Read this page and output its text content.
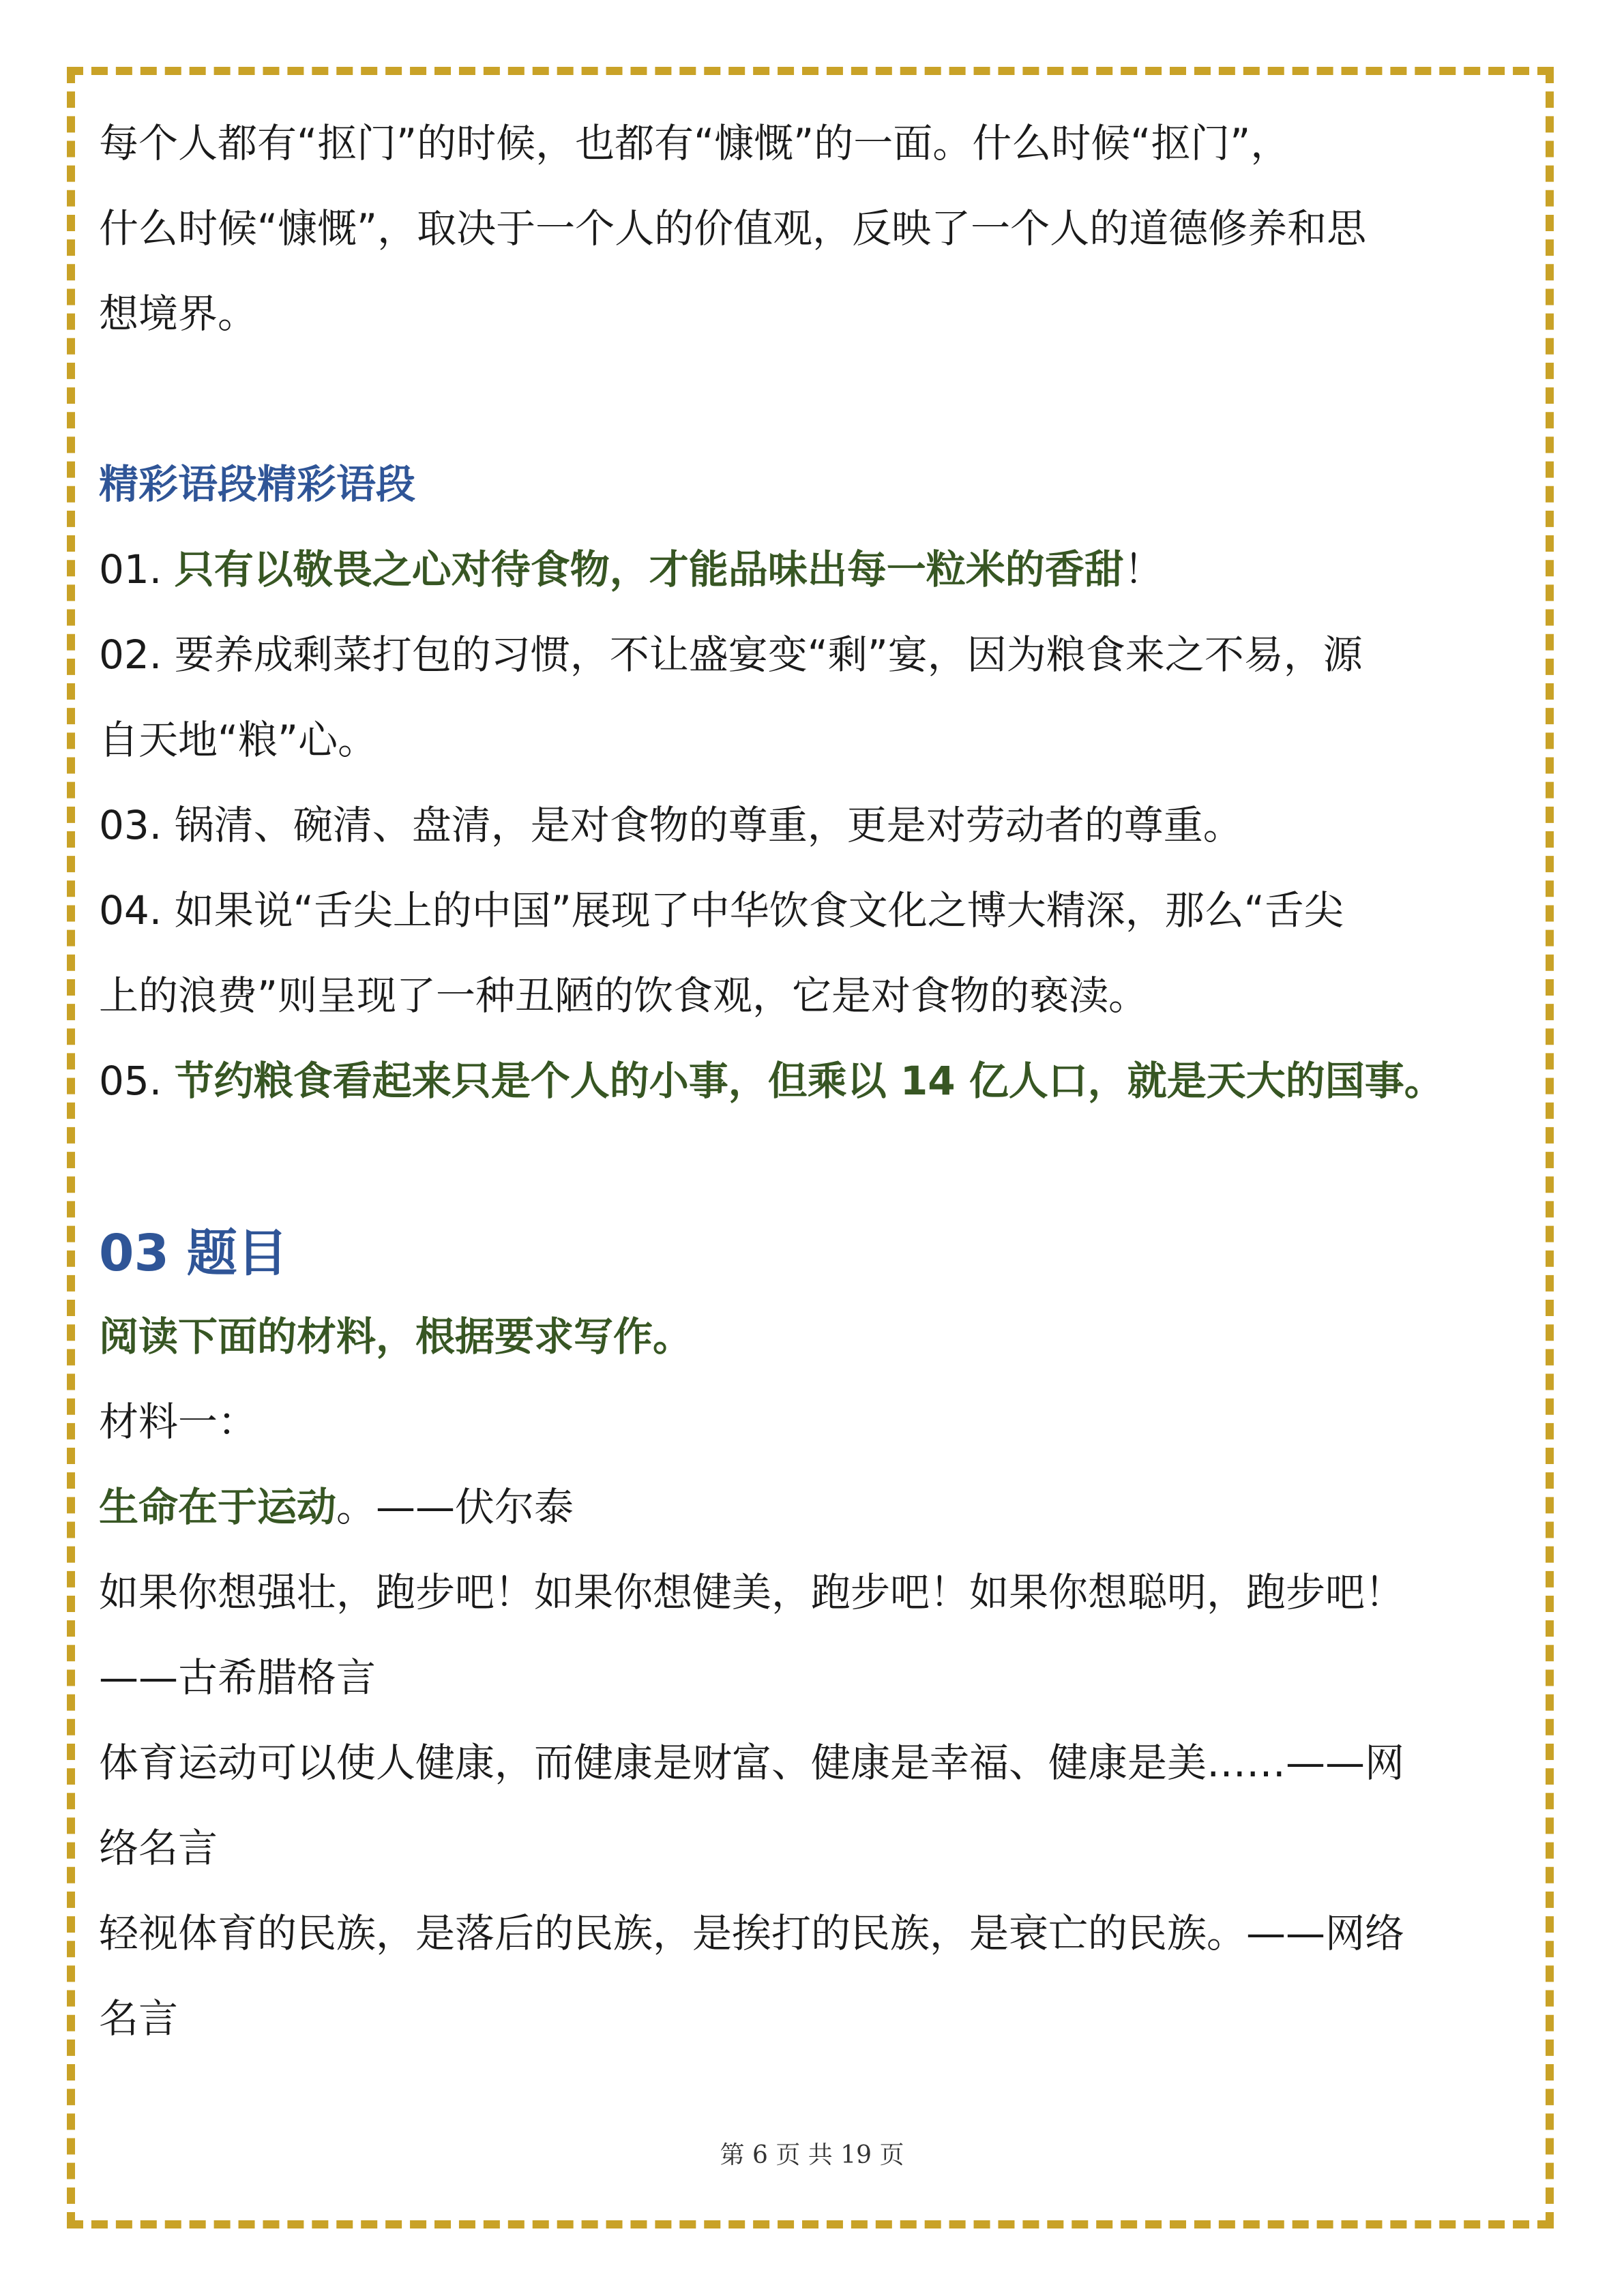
每个人都有“抠门”的时候，也都有“慷慨”的一面。什么时候“抠门”，
什么时候“慷慨”，取决于一个人的价值观，反映了一个人的道德修养和思
想境界。
精彩语段精彩语段
01. 只有以敬畏之心对待食物，才能品味出每一粒米的香甜！
02. 要养成剩菜打包的习惯，不让盛宴变“剩”宴，因为粮食来之不易，源
自天地“粮”心。
03. 锅清、碗清、盘清，是对食物的尊重，更是对劳动者的尊重。
04. 如果说“舌尖上的中国”展现了中华饮食文化之博大精深，那么“舌尖
上的浪费”则呈现了一种丑陋的饮食观，它是对食物的亵渎。
05. 节约粮食看起来只是个人的小事，但乘以 14 亿人口，就是天大的国事。
03 题目
阅读下面的材料，根据要求写作。
材料一：
生命在于运动。——伏尔泰
如果你想强壮，跑步吧！如果你想健美，跑步吧！如果你想聪明，跑步吧！
——古希腊格言
体育运动可以使人健康，而健康是财富、健康是幸福、健康是美……——网
络名言
轻视体育的民族，是落后的民族，是挨打的民族，是衰亡的民族。——网络
名言
第 6 页 共 19 页
